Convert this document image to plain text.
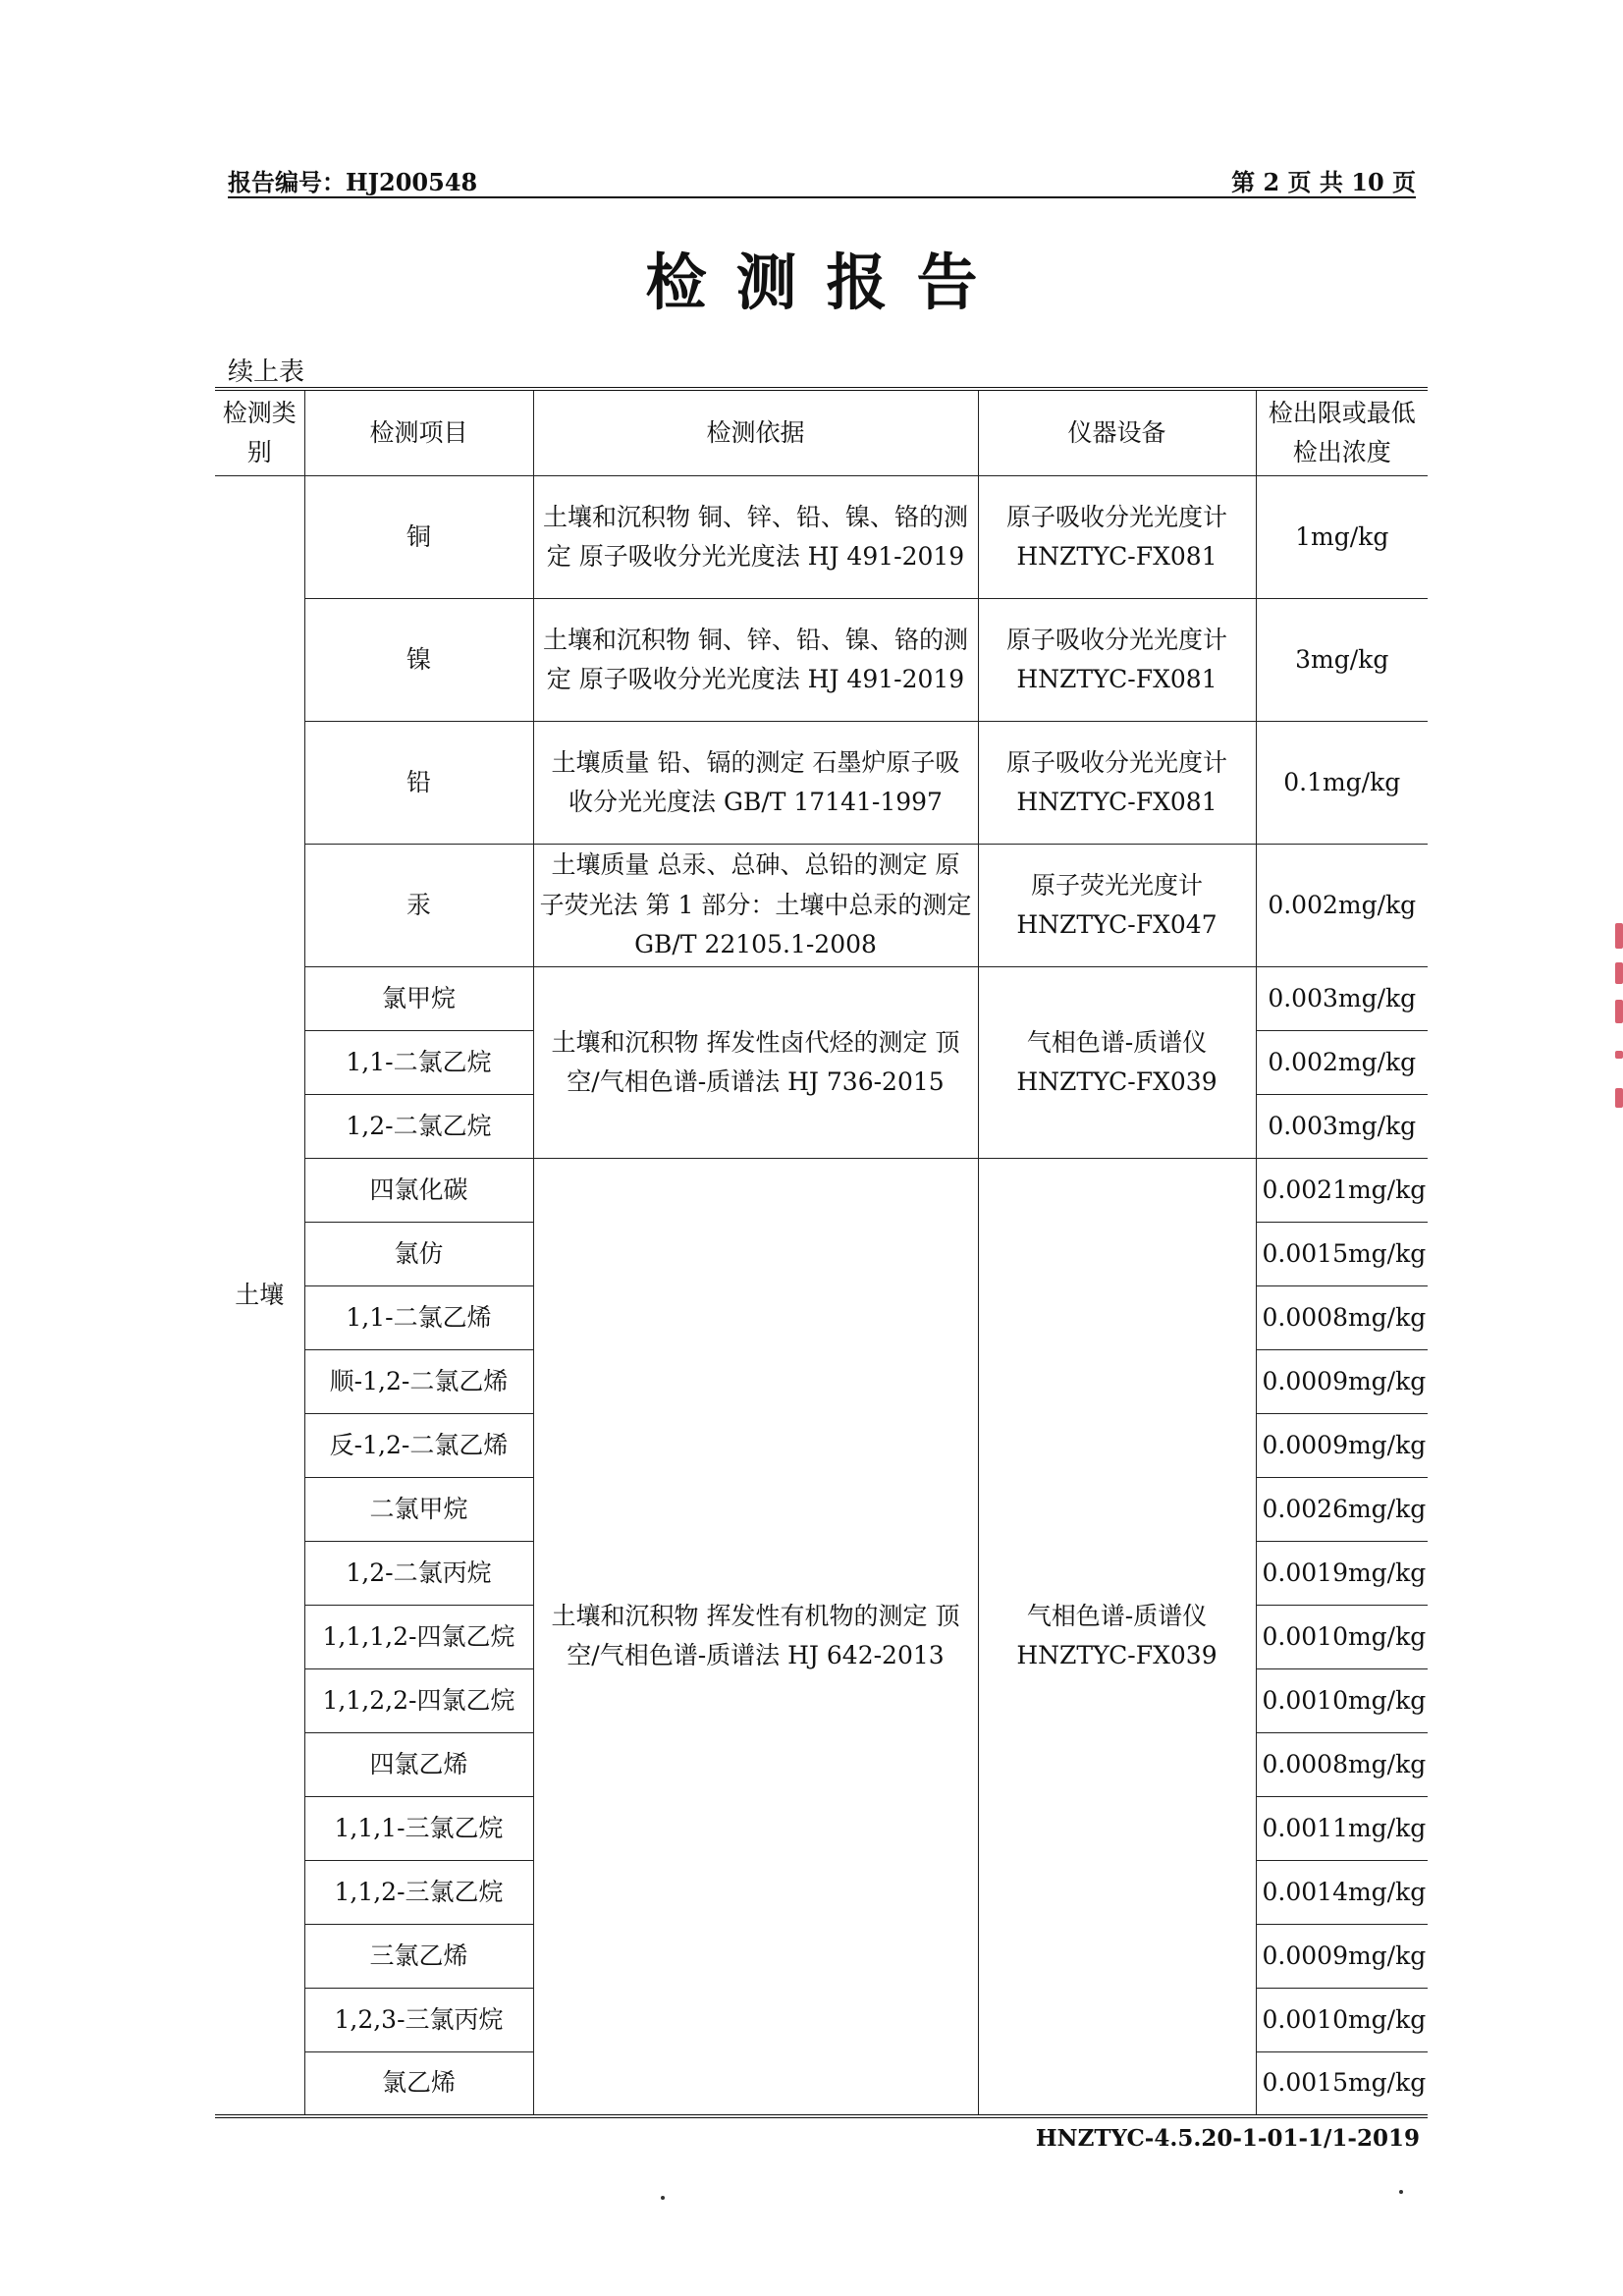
报告编号：HJ200548	第 2 页 共 10 页
检测报告
续上表
检测类别	检测项目	检测依据	仪器设备	检出限或最低检出浓度
土壤	铜	土壤和沉积物 铜、锌、铅、镍、铬的测定 原子吸收分光光度法 HJ 491-2019	原子吸收分光光度计 HNZTYC-FX081	1mg/kg
	镍	土壤和沉积物 铜、锌、铅、镍、铬的测定 原子吸收分光光度法 HJ 491-2019	原子吸收分光光度计 HNZTYC-FX081	3mg/kg
	铅	土壤质量 铅、镉的测定 石墨炉原子吸收分光光度法 GB/T 17141-1997	原子吸收分光光度计 HNZTYC-FX081	0.1mg/kg
	汞	土壤质量 总汞、总砷、总铅的测定 原子荧光法 第 1 部分：土壤中总汞的测定 GB/T 22105.1-2008	原子荧光光度计 HNZTYC-FX047	0.002mg/kg
	氯甲烷	土壤和沉积物 挥发性卤代烃的测定 顶空/气相色谱-质谱法 HJ 736-2015	气相色谱-质谱仪 HNZTYC-FX039	0.003mg/kg
	1,1-二氯乙烷			0.002mg/kg
	1,2-二氯乙烷			0.003mg/kg
	四氯化碳	土壤和沉积物 挥发性有机物的测定 顶空/气相色谱-质谱法 HJ 642-2013	气相色谱-质谱仪 HNZTYC-FX039	0.0021mg/kg
	氯仿			0.0015mg/kg
	1,1-二氯乙烯			0.0008mg/kg
	顺-1,2-二氯乙烯			0.0009mg/kg
	反-1,2-二氯乙烯			0.0009mg/kg
	二氯甲烷			0.0026mg/kg
	1,2-二氯丙烷			0.0019mg/kg
	1,1,1,2-四氯乙烷			0.0010mg/kg
	1,1,2,2-四氯乙烷			0.0010mg/kg
	四氯乙烯			0.0008mg/kg
	1,1,1-三氯乙烷			0.0011mg/kg
	1,1,2-三氯乙烷			0.0014mg/kg
	三氯乙烯			0.0009mg/kg
	1,2,3-三氯丙烷			0.0010mg/kg
	氯乙烯			0.0015mg/kg
HNZTYC-4.5.20-1-01-1/1-2019
